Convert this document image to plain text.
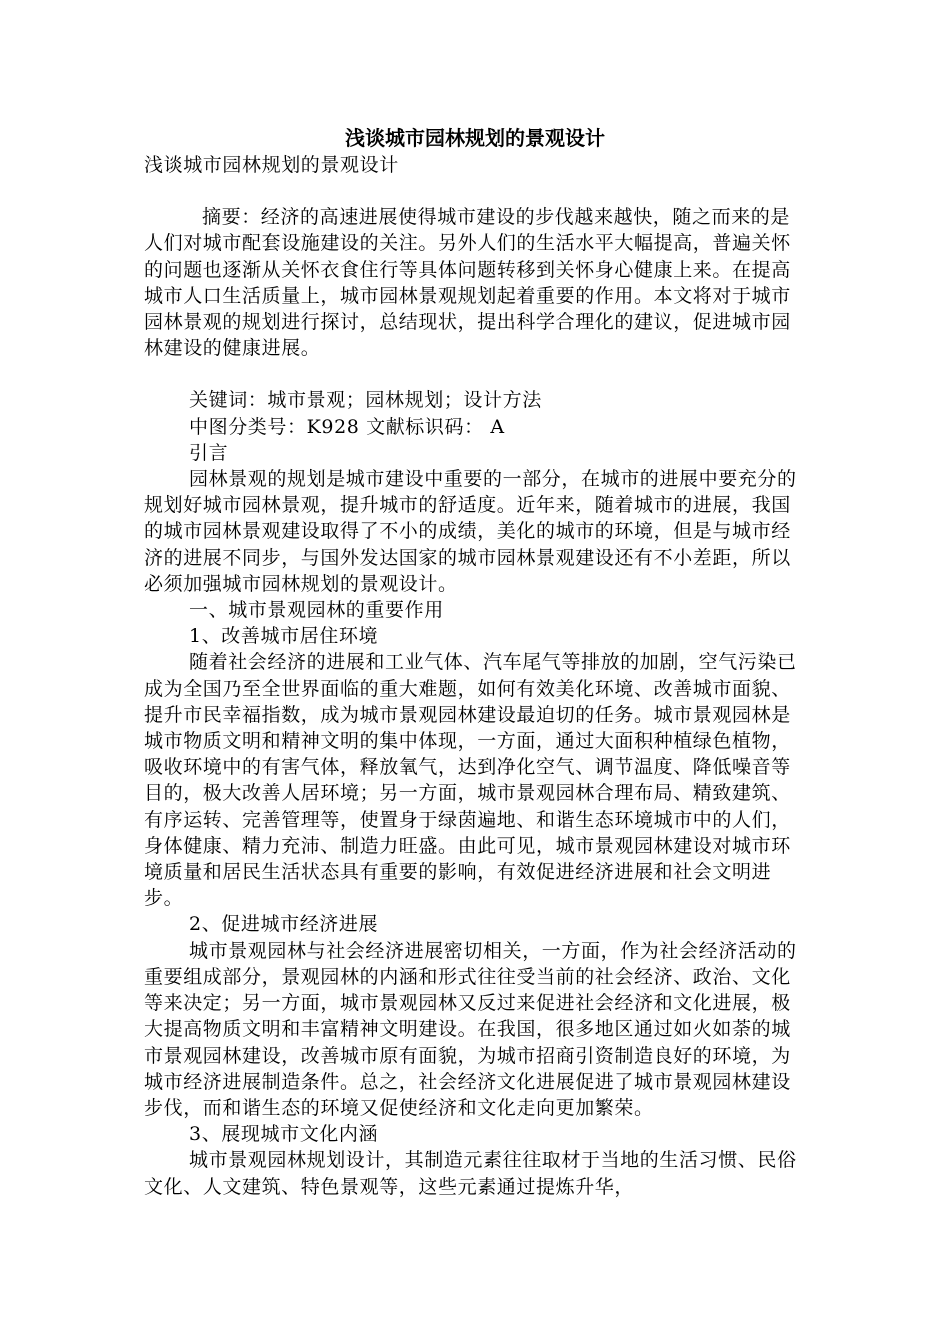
浅谈城市园林规划的景观设计

浅谈城市园林规划的景观设计

摘要：经济的高速进展使得城市建设的步伐越来越快，随之而来的是人们对城市配套设施建设的关注。另外人们的生活水平大幅提高，普遍关怀的问题也逐渐从关怀衣食住行等具体问题转移到关怀身心健康上来。在提高城市人口生活质量上，城市园林景观规划起着重要的作用。本文将对于城市园林景观的规划进行探讨，总结现状，提出科学合理化的建议，促进城市园林建设的健康进展。

关键词：城市景观；园林规划；设计方法

中图分类号：K928 文献标识码： A

引言

园林景观的规划是城市建设中重要的一部分，在城市的进展中要充分的规划好城市园林景观，提升城市的舒适度。近年来，随着城市的进展，我国的城市园林景观建设取得了不小的成绩，美化的城市的环境，但是与城市经济的进展不同步，与国外发达国家的城市园林景观建设还有不小差距，所以必须加强城市园林规划的景观设计。

一、城市景观园林的重要作用

1、改善城市居住环境

随着社会经济的进展和工业气体、汽车尾气等排放的加剧，空气污染已成为全国乃至全世界面临的重大难题，如何有效美化环境、改善城市面貌、提升市民幸福指数，成为城市景观园林建设最迫切的任务。城市景观园林是城市物质文明和精神文明的集中体现，一方面，通过大面积种植绿色植物，吸收环境中的有害气体，释放氧气，达到净化空气、调节温度、降低噪音等目的，极大改善人居环境；另一方面，城市景观园林合理布局、精致建筑、有序运转、完善管理等，使置身于绿茵遍地、和谐生态环境城市中的人们，身体健康、精力充沛、制造力旺盛。由此可见，城市景观园林建设对城市环境质量和居民生活状态具有重要的影响，有效促进经济进展和社会文明进步。

2、促进城市经济进展

城市景观园林与社会经济进展密切相关，一方面，作为社会经济活动的重要组成部分，景观园林的内涵和形式往往受当前的社会经济、政治、文化等来决定；另一方面，城市景观园林又反过来促进社会经济和文化进展，极大提高物质文明和丰富精神文明建设。在我国，很多地区通过如火如荼的城市景观园林建设，改善城市原有面貌，为城市招商引资制造良好的环境，为城市经济进展制造条件。总之，社会经济文化进展促进了城市景观园林建设步伐，而和谐生态的环境又促使经济和文化走向更加繁荣。

3、展现城市文化内涵

城市景观园林规划设计，其制造元素往往取材于当地的生活习惯、民俗文化、人文建筑、特色景观等，这些元素通过提炼升华，
